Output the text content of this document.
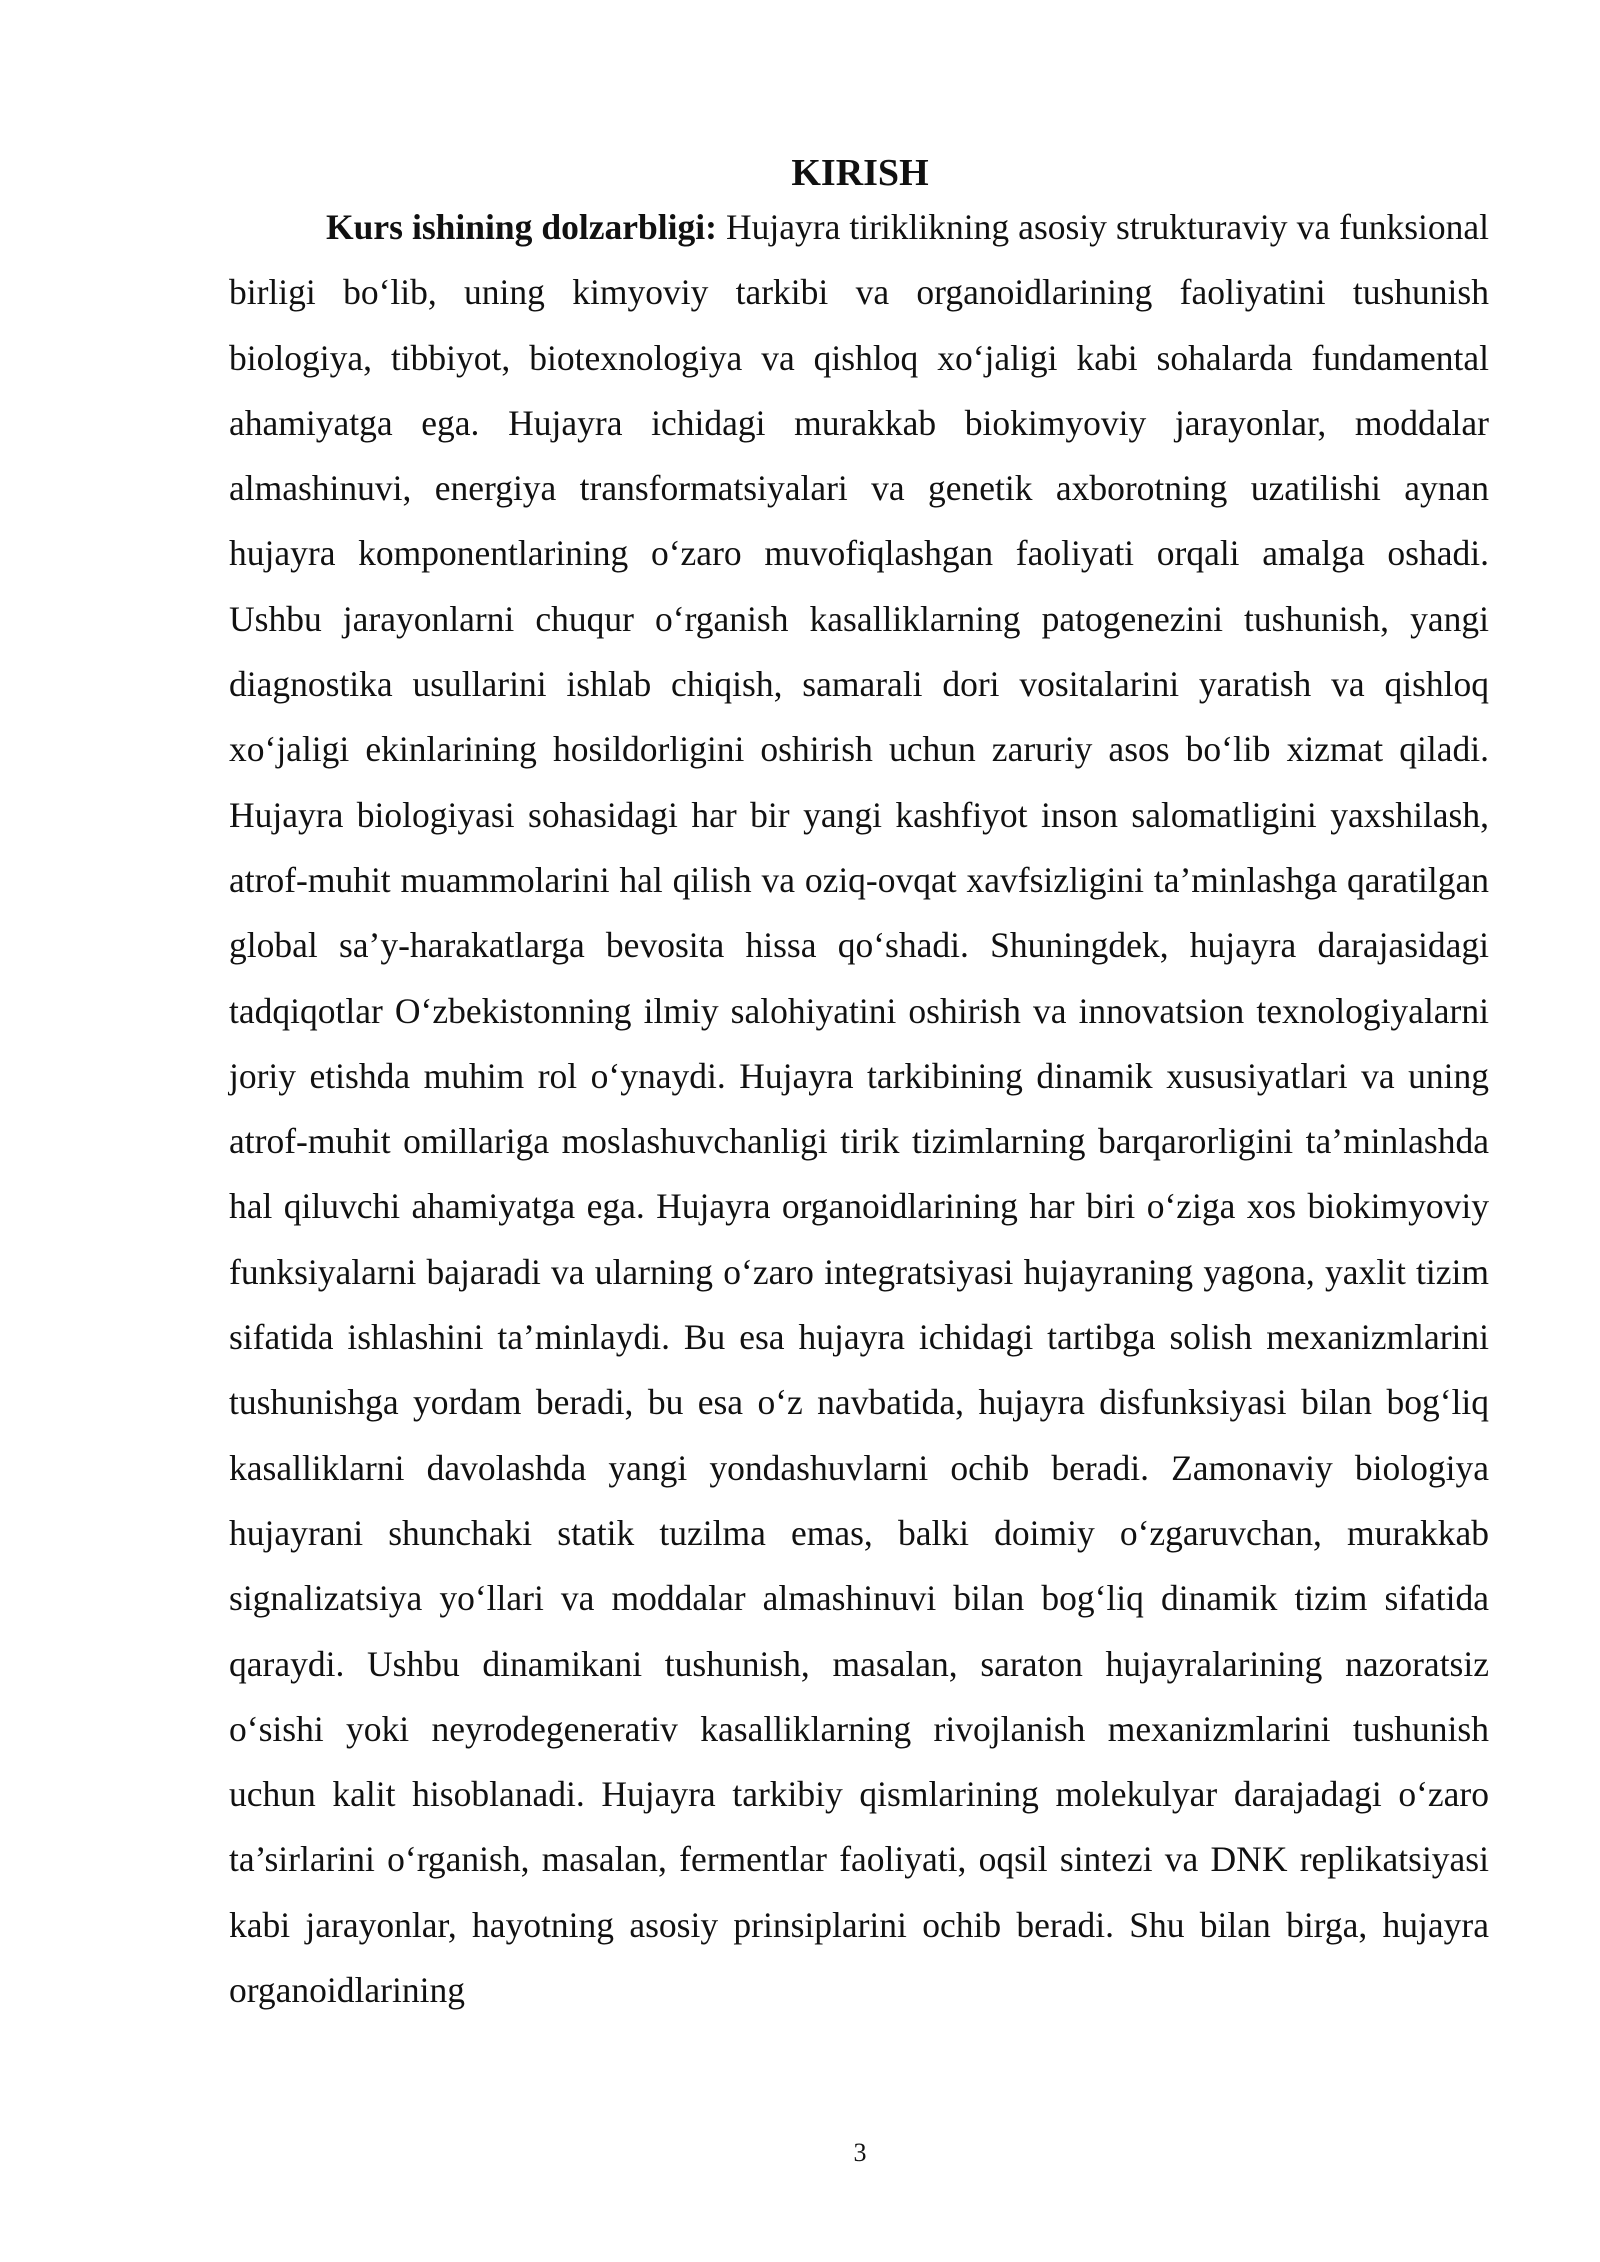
KIRISH

Kurs ishining dolzarbligi: Hujayra tiriklikning asosiy strukturaviy va funksional birligi bo‘lib, uning kimyoviy tarkibi va organoidlarining faoliyatini tushunish biologiya, tibbiyot, biotexnologiya va qishloq xo‘jaligi kabi sohalarda fundamental ahamiyatga ega. Hujayra ichidagi murakkab biokimyoviy jarayonlar, moddalar almashinuvi, energiya transformatsiyalari va genetik axborotning uzatilishi aynan hujayra komponentlarining o‘zaro muvofiqlashgan faoliyati orqali amalga oshadi. Ushbu jarayonlarni chuqur o‘rganish kasalliklarning patogenezini tushunish, yangi diagnostika usullarini ishlab chiqish, samarali dori vositalarini yaratish va qishloq xo‘jaligi ekinlarining hosildorligini oshirish uchun zaruriy asos bo‘lib xizmat qiladi. Hujayra biologiyasi sohasidagi har bir yangi kashfiyot inson salomatligini yaxshilash, atrof-muhit muammolarini hal qilish va oziq-ovqat xavfsizligini ta’minlashga qaratilgan global sa’y-harakatlarga bevosita hissa qo‘shadi. Shuningdek, hujayra darajasidagi tadqiqotlar O‘zbekistonning ilmiy salohiyatini oshirish va innovatsion texnologiyalarni joriy etishda muhim rol o‘ynaydi. Hujayra tarkibining dinamik xususiyatlari va uning atrof-muhit omillariga moslashuvchanligi tirik tizimlarning barqarorligini ta’minlashda hal qiluvchi ahamiyatga ega. Hujayra organoidlarining har biri o‘ziga xos biokimyoviy funksiyalarni bajaradi va ularning o‘zaro integratsiyasi hujayraning yagona, yaxlit tizim sifatida ishlashini ta’minlaydi. Bu esa hujayra ichidagi tartibga solish mexanizmlarini tushunishga yordam beradi, bu esa o‘z navbatida, hujayra disfunksiyasi bilan bog‘liq kasalliklarni davolashda yangi yondashuvlarni ochib beradi. Zamonaviy biologiya hujayrani shunchaki statik tuzilma emas, balki doimiy o‘zgaruvchan, murakkab signalizatsiya yo‘llari va moddalar almashinuvi bilan bog‘liq dinamik tizim sifatida qaraydi. Ushbu dinamikani tushunish, masalan, saraton hujayralarining nazoratsiz o‘sishi yoki neyrodegenerativ kasalliklarning rivojlanish mexanizmlarini tushunish uchun kalit hisoblanadi. Hujayra tarkibiy qismlarining molekulyar darajadagi o‘zaro ta’sirlarini o‘rganish, masalan, fermentlar faoliyati, oqsil sintezi va DNK replikatsiyasi kabi jarayonlar, hayotning asosiy prinsiplarini ochib beradi. Shu bilan birga, hujayra organoidlarining

3
